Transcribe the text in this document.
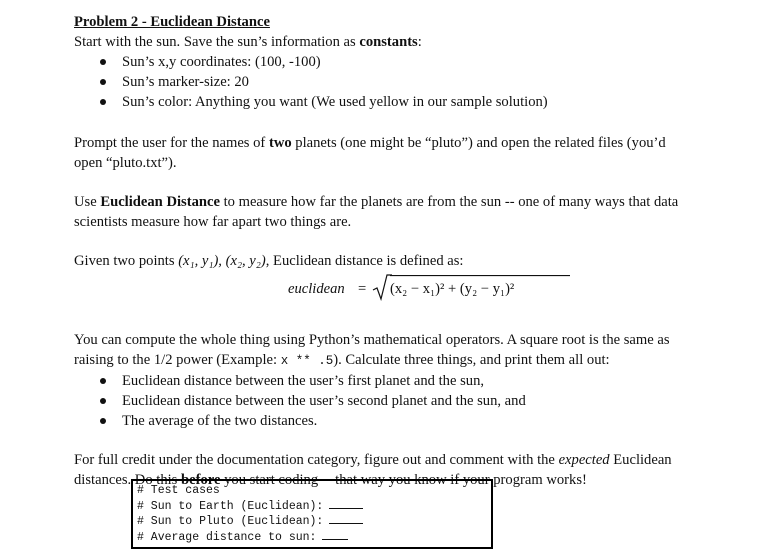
Problem 2 - Euclidean Distance

Start with the sun. Save the sun’s information as constants:

Sun’s x,y coordinates: (100, -100)
Sun’s marker-size: 20
Sun’s color: Anything you want (We used yellow in our sample solution)

Prompt the user for the names of two planets (one might be “pluto”) and open the related files (you’d
open “pluto.txt”).

Use Euclidean Distance to measure how far the planets are from the sun -- one of many ways that data
scientists measure how far apart two things are.

Given two points (x₁, y₁), (x₂, y₂), Euclidean distance is defined as:

euclidean = (x₂ − x₁)² + (y₂ − y₁)²

You can compute the whole thing using Python’s mathematical operators. A square root is the same as
raising to the 1/2 power (Example: x ** .5). Calculate three things, and print them all out:

Euclidean distance between the user’s first planet and the sun,
Euclidean distance between the user’s second planet and the sun, and
The average of the two distances.

For full credit under the documentation category, figure out and comment with the expected Euclidean
distances. Do this before you start coding -- that way you know if your program works!

# Test cases
# Sun to Earth (Euclidean):
# Sun to Pluto (Euclidean):
# Average distance to sun:
